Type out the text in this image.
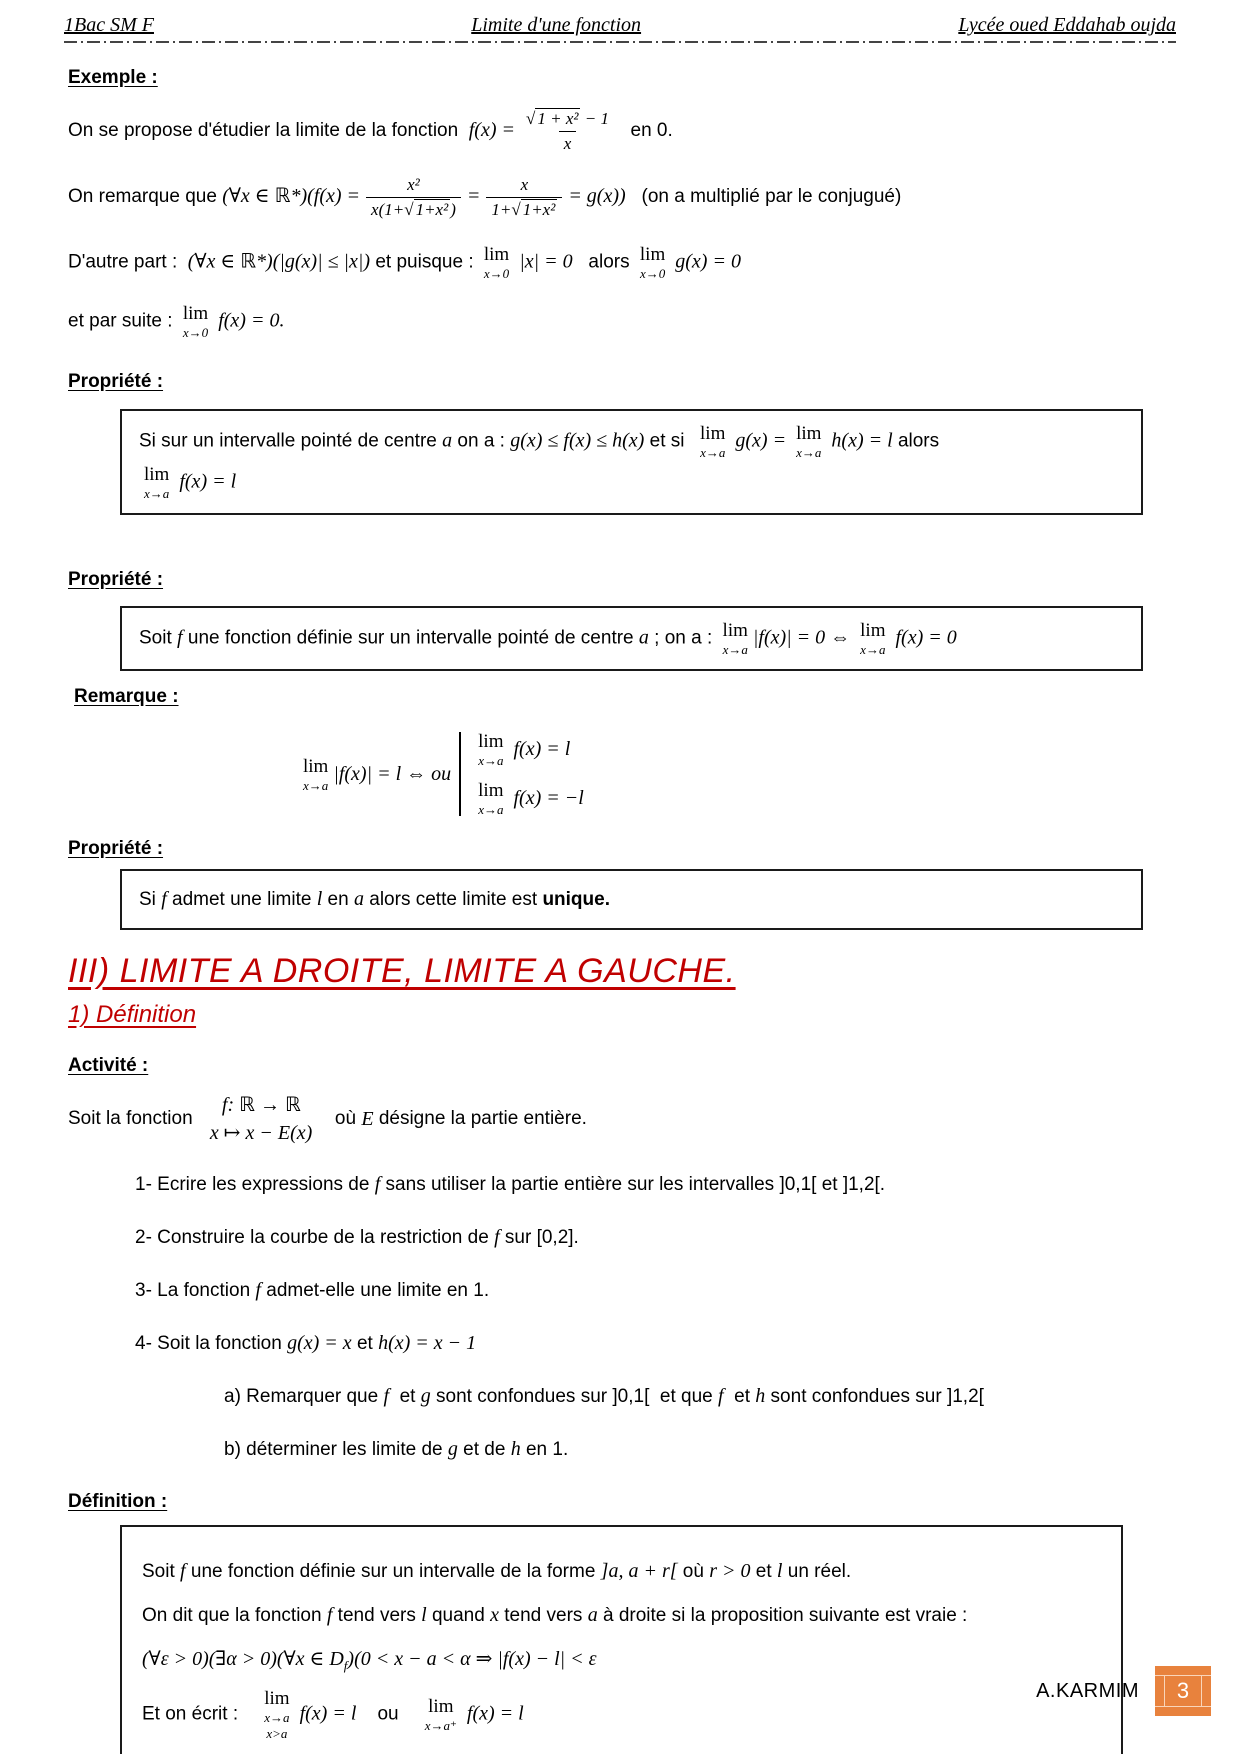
1Bac SM F	Limite d'une fonction	Lycée oued Eddahab oujda
Exemple :
On se propose d'étudier la limite de la fonction  $f(x) = \frac{\text{√ 1 + x² − 1}}{x}$ en 0.
On remarque que (∀x ∈ ℝ*)(f(x) = $\frac{\text{x²}}{\text{x(1+ √ 1+x² )}} = \frac{x}{\text{1+ √ 1+x²}} = g(x)$)   (on a multiplié par le conjugué)
D'autre part :  (∀x ∈ ℝ*)(|g(x)| ≤ |x|) et puisque : lim
x→0
|x| = 0   alors lim
x→0
g(x) = 0
et par suite : lim
x→0
f(x) = 0.
Propriété :
Si sur un intervalle pointé de centre a on a : g(x) ≤ f(x) ≤ h(x) et si lim
x→a
g(x) = lim
x→a
h(x) = l alors
lim
x→a
f(x) = l
Propriété :
Soit f une fonction définie sur un intervalle pointé de centre a ; on a : lim
x→a
|f(x)| = 0 ⇔ lim
x→a
f(x) = 0
Remarque :
lim
x→a
|f(x)| = l ⇔ ou
lim
x→a
f(x) = l
lim
x→a
f(x) = −l
Propriété :
Si f admet une limite l en a alors cette limite est unique.
III) LIMITE A DROITE, LIMITE A GAUCHE.
1) Définition
Activité :
Soit la fonction
f: ℝ → ℝ
x ↦ x − E(x)
où E désigne la partie entière.
1- Ecrire les expressions de f sans utiliser la partie entière sur les intervalles ]0,1[ et ]1,2[.
2- Construire la courbe de la restriction de f sur [0,2].
3- La fonction f admet-elle une limite en 1.
4- Soit la fonction g(x) = x et h(x) = x − 1
a) Remarquer que f  et g sont confondues sur ]0,1[  et que f  et h sont confondues sur ]1,2[
b) déterminer les limite de g et de h en 1.
Définition :
Soit f une fonction définie sur un intervalle de la forme ]a, a + r[ où r > 0 et l un réel.
On dit que la fonction f tend vers l quand x tend vers a à droite si la proposition suivante est vraie :
(∀ε > 0)(∃α > 0)(∀x ∈ $D_f)(0 < x - a < \alpha$ ⇒ |f(x) − l| < ε
Et on écrit :
lim
x→a
x>a
f(x) = l    ou lim
x→a⁺
f(x) = l
A.KARMIM 3
